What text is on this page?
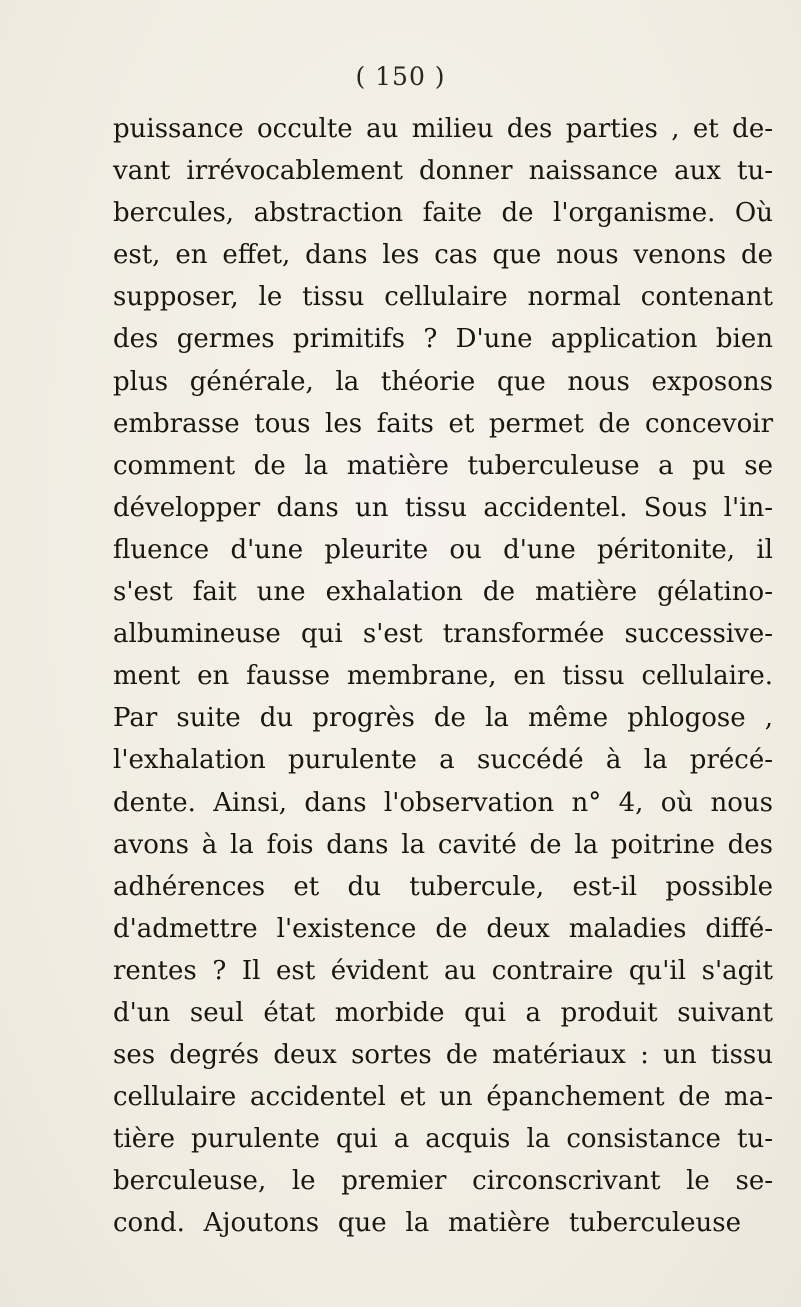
( 150 )
puissance occulte au milieu des parties , et de-
vant irrévocablement donner naissance aux tu-
bercules, abstraction faite de l'organisme. Où
est, en effet, dans les cas que nous venons de
supposer, le tissu cellulaire normal contenant
des germes primitifs ? D'une application bien
plus générale, la théorie que nous exposons
embrasse tous les faits et permet de concevoir
comment de la matière tuberculeuse a pu se
développer dans un tissu accidentel. Sous l'in-
fluence d'une pleurite ou d'une péritonite, il
s'est fait une exhalation de matière gélatino-
albumineuse qui s'est transformée successive-
ment en fausse membrane, en tissu cellulaire.
Par suite du progrès de la même phlogose ,
l'exhalation purulente a succédé à la précé-
dente. Ainsi, dans l'observation n° 4, où nous
avons à la fois dans la cavité de la poitrine des
adhérences et du tubercule, est-il possible
d'admettre l'existence de deux maladies diffé-
rentes ? Il est évident au contraire qu'il s'agit
d'un seul état morbide qui a produit suivant
ses degrés deux sortes de matériaux : un tissu
cellulaire accidentel et un épanchement de ma-
tière purulente qui a acquis la consistance tu-
berculeuse, le premier circonscrivant le se-
cond. Ajoutons que la matière tuberculeuse
